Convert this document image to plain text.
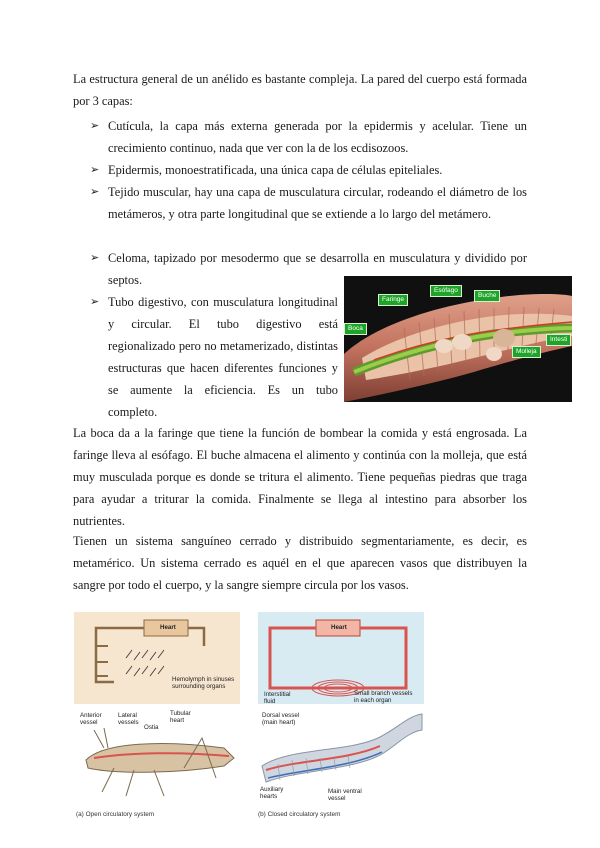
La estructura general de un anélido es bastante compleja. La pared del cuerpo está formada por 3 capas:

➢ Cutícula, la capa más externa generada por la epidermis y acelular. Tiene un crecimiento continuo, nada que ver con la de los ecdisozoos.
➢ Epidermis, monoestratificada, una única capa de células epiteliales.
➢ Tejido muscular, hay una capa de musculatura circular, rodeando el diámetro de los metámeros, y otra parte longitudinal que se extiende a lo largo del metámero.
➢ Celoma, tapizado por mesodermo que se desarrolla en musculatura y dividido por septos.
➢ Tubo digestivo, con musculatura longitudinal y circular. El tubo digestivo está regionalizado pero no metamerizado, distintas estructuras que hacen diferentes funciones y se aumente la eficiencia. Es un tubo completo.
Faringe
Esófago
Buche
Boca
Molleja
Intesti

La boca da a la faringe que tiene la función de bombear la comida y está engrosada. La faringe lleva al esófago. El buche almacena el alimento y continúa con la molleja, que está muy musculada porque es donde se tritura el alimento. Tiene pequeñas piedras que traga para ayudar a triturar la comida. Finalmente se llega al intestino para absorber los nutrientes.

Tienen un sistema sanguíneo cerrado y distribuido segmentariamente, es decir, es metamérico. Un sistema cerrado es aquél en el que aparecen vasos que distribuyen la sangre por todo el cuerpo, y la sangre siempre circula por los vasos.

Heart
Hemolymph in sinuses surrounding organs
Heart
Interstitial fluid
Small branch vessels in each organ
Anterior vessel
Lateral vessels
Tubular heart
Ostia
Dorsal vessel (main heart)
Auxiliary hearts
Main ventral vessel
(a) Open circulatory system	(b) Closed circulatory system
